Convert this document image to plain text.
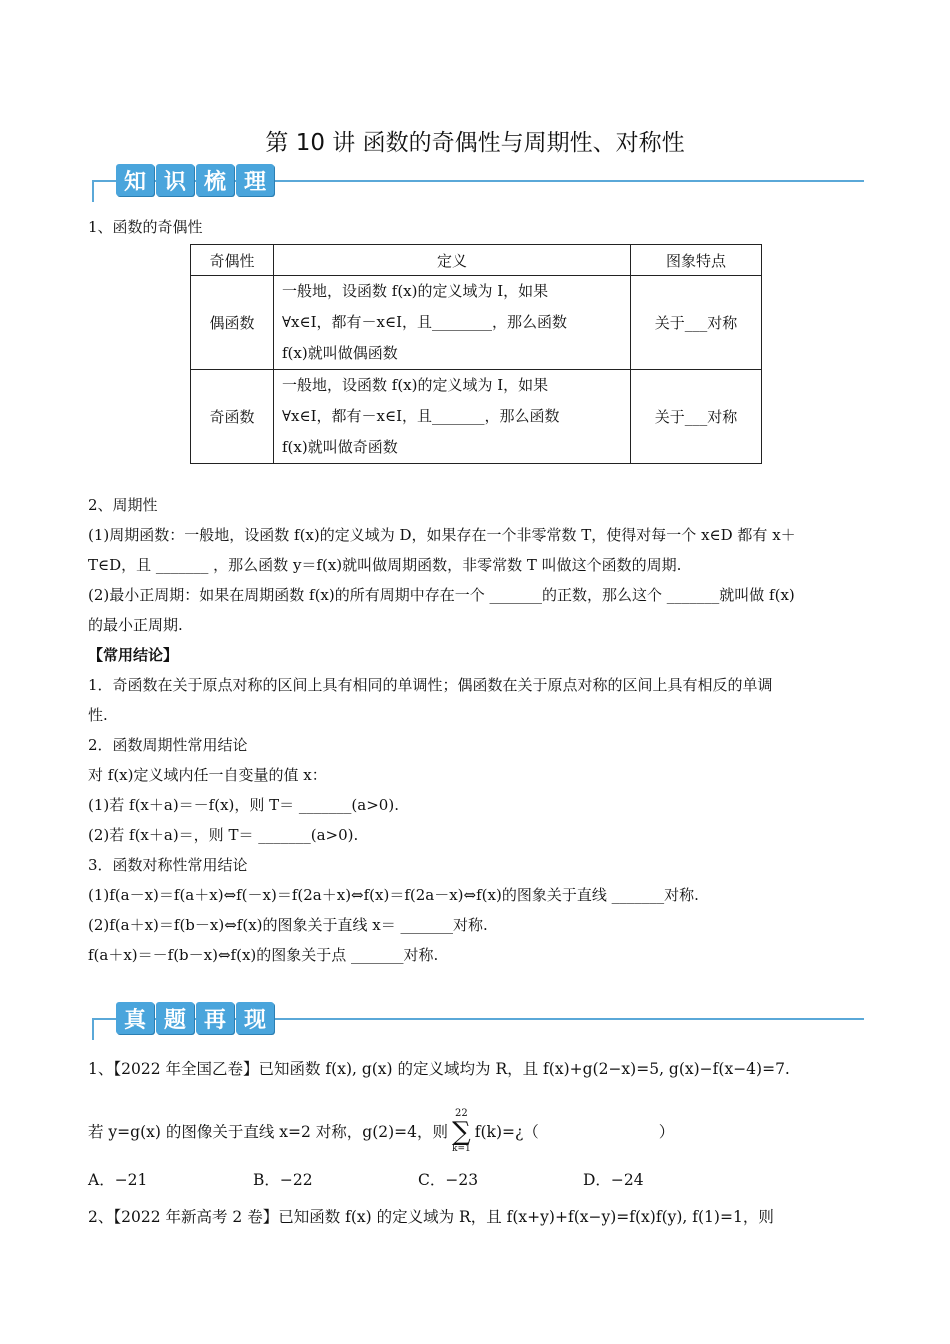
第 10 讲 函数的奇偶性与周期性、对称性
知 识 梳 理
1、函数的奇偶性
奇偶性	定义	图象特点
偶函数	一般地，设函数 f(x)的定义域为 I，如果
∀x∈I，都有－x∈I，且________，那么函数
f(x)就叫做偶函数	关于___对称
奇函数	一般地，设函数 f(x)的定义域为 I，如果
∀x∈I，都有－x∈I，且_______，那么函数
f(x)就叫做奇函数	关于___对称
2、周期性
(1)周期函数：一般地，设函数 f(x)的定义域为 D，如果存在一个非零常数 T，使得对每一个 x∈D 都有 x＋
T∈D，且 _______ ，那么函数 y＝f(x)就叫做周期函数，非零常数 T 叫做这个函数的周期.
(2)最小正周期：如果在周期函数 f(x)的所有周期中存在一个 _______的正数，那么这个 _______就叫做 f(x)
的最小正周期.
【常用结论】
1．奇函数在关于原点对称的区间上具有相同的单调性；偶函数在关于原点对称的区间上具有相反的单调
性.
2．函数周期性常用结论
对 f(x)定义域内任一自变量的值 x：
(1)若 f(x＋a)＝－f(x)，则 T＝ _______(a>0).
(2)若 f(x＋a)＝，则 T＝ _______(a>0).
3．函数对称性常用结论
(1)f(a－x)＝f(a＋x)⇔f(－x)＝f(2a＋x)⇔f(x)＝f(2a－x)⇔f(x)的图象关于直线 _______对称.
(2)f(a＋x)＝f(b－x)⇔f(x)的图象关于直线 x＝ _______对称.
f(a＋x)＝－f(b－x)⇔f(x)的图象关于点 _______对称.
真 题 再 现
1、【2022 年全国乙卷】已知函数 f(x), g(x) 的定义域均为 R，且 f(x)+g(2−x)=5, g(x)−f(x−4)=7.
若 y=g(x) 的图像关于直线 x=2 对称，g(2)=4，则
22
∑
k=1
f(k)=¿（	）
A．−21	B．−22	C．−23	D．−24
2、【2022 年新高考 2 卷】已知函数 f(x) 的定义域为 R，且 f(x+y)+f(x−y)=f(x)f(y), f(1)=1，则
